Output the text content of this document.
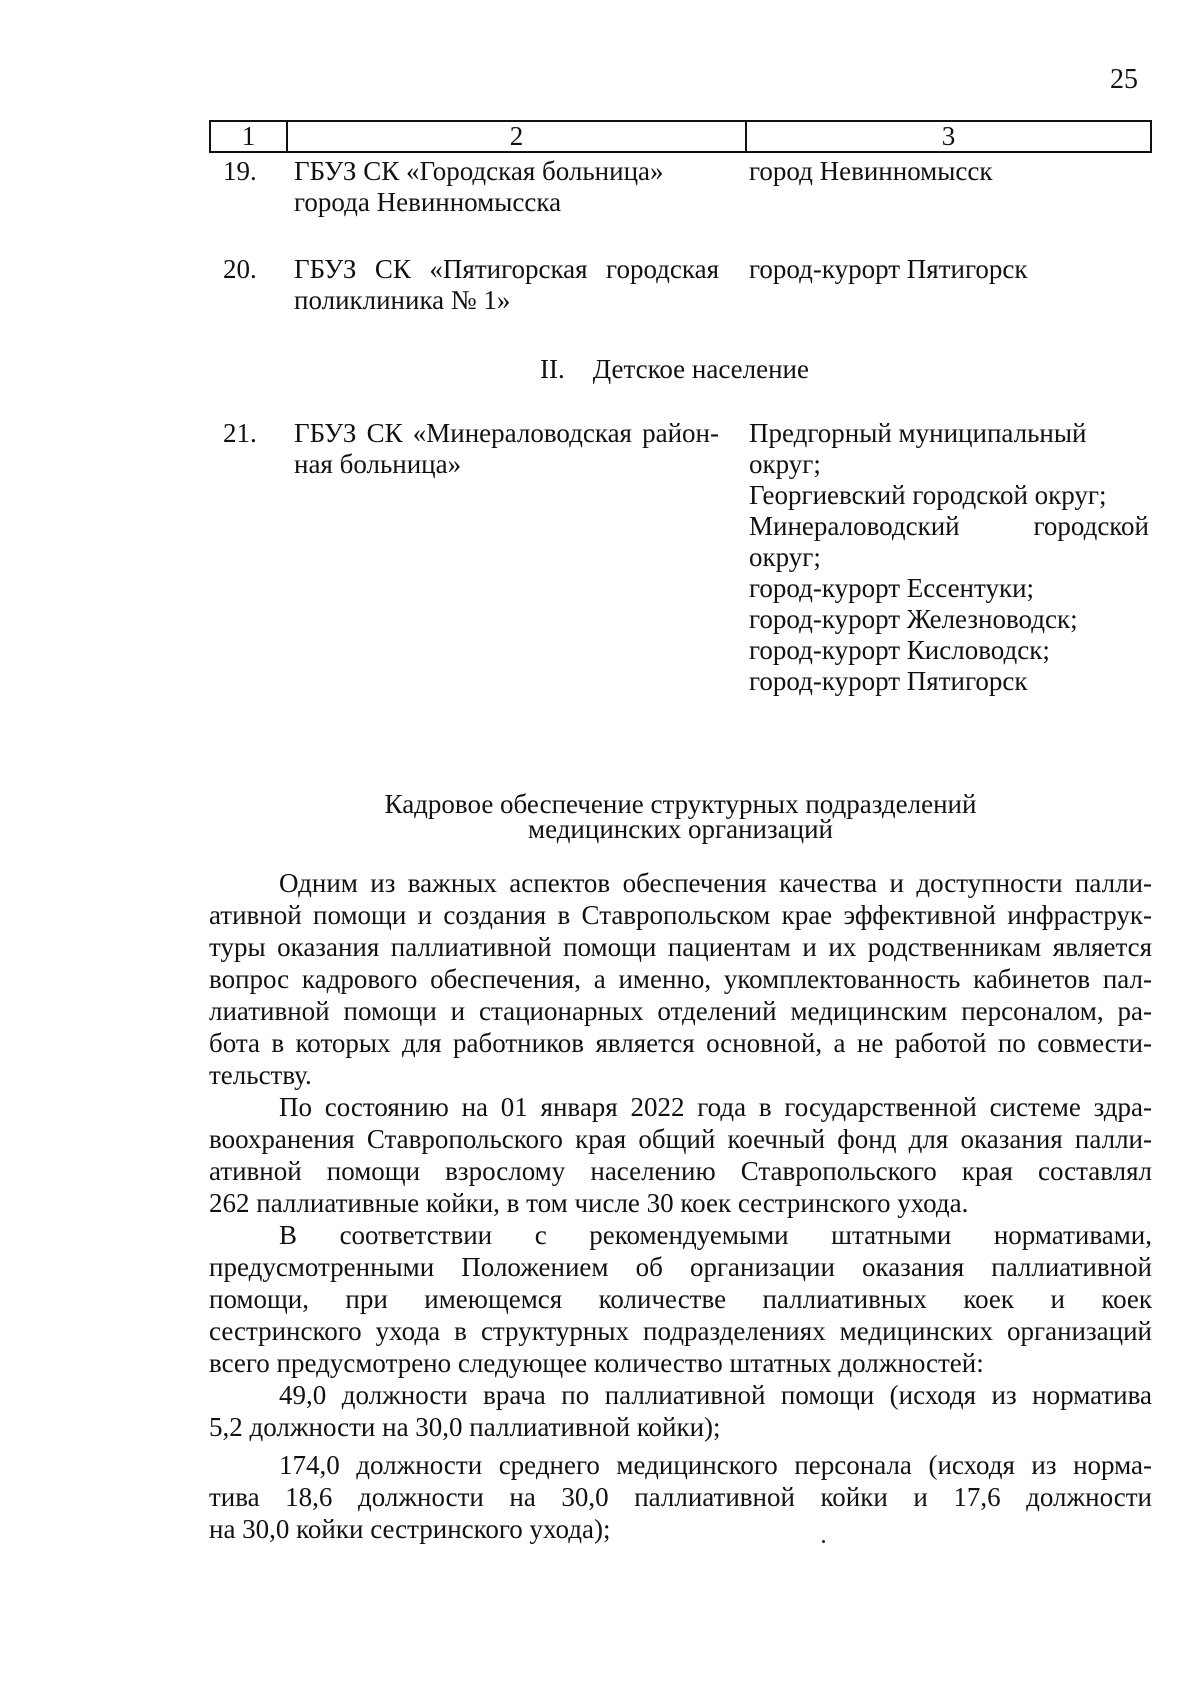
25
1	2	3
19. ГБУЗ СК «Городская больница»
города Невинномысска
город Невинномысск
20. ГБУЗ СК «Пятигорская городская
поликлиника № 1»
город-курорт Пятигорск
II. Детское население
21. ГБУЗ СК «Минераловодская район-
ная больница»
Предгорный муниципальный
округ;
Георгиевский городской округ;
Минераловодский городской
округ;
город-курорт Ессентуки;
город-курорт Железноводск;
город-курорт Кисловодск;
город-курорт Пятигорск
Кадровое обеспечение структурных подразделений
медицинских организаций
Одним из важных аспектов обеспечения качества и доступности палли-
ативной помощи и создания в Ставропольском крае эффективной инфраструк-
туры оказания паллиативной помощи пациентам и их родственникам является
вопрос кадрового обеспечения, а именно, укомплектованность кабинетов пал-
лиативной помощи и стационарных отделений медицинским персоналом, ра-
бота в которых для работников является основной, а не работой по совмести-
тельству.
По состоянию на 01 января 2022 года в государственной системе здра-
воохранения Ставропольского края общий коечный фонд для оказания палли-
ативной помощи взрослому населению Ставропольского края составлял
262 паллиативные койки, в том числе 30 коек сестринского ухода.
В соответствии с рекомендуемыми штатными нормативами,
предусмотренными Положением об организации оказания паллиативной
помощи, при имеющемся количестве паллиативных коек и коек
сестринского ухода в структурных подразделениях медицинских организаций
всего предусмотрено следующее количество штатных должностей:
49,0 должности врача по паллиативной помощи (исходя из норматива
5,2 должности на 30,0 паллиативной койки);
174,0 должности среднего медицинского персонала (исходя из норма-
тива 18,6 должности на 30,0 паллиативной койки и 17,6 должности
на 30,0 койки сестринского ухода);
